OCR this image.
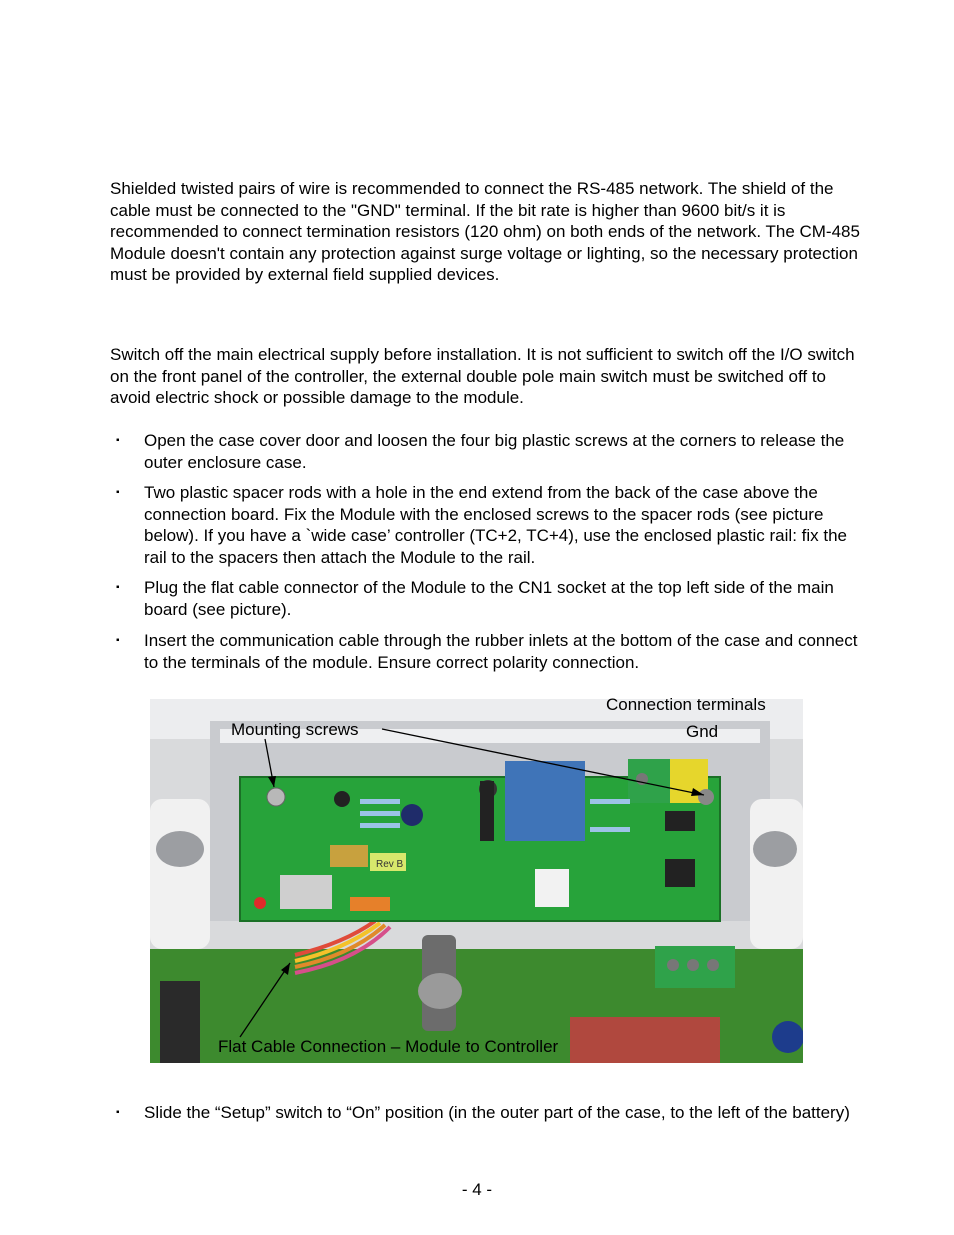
Shielded twisted pairs of wire is recommended to connect the RS-485 network. The shield of the cable must be connected to the "GND" terminal. If the bit rate is higher than 9600 bit/s it is recommended to connect termination resistors (120 ohm) on both ends of the network. The CM-485 Module doesn't contain any protection against surge voltage or lighting, so the necessary protection must be provided by external field supplied devices.

Switch off the main electrical supply before installation. It is not sufficient to switch off the I/O switch on the front panel of the controller, the external double pole main switch must be switched off to avoid electric shock or possible damage to the module.

▪ Open the case cover door and loosen the four big plastic screws at the corners to release the outer enclosure case.
▪ Two plastic spacer rods with a hole in the end extend from the back of the case above the connection board. Fix the Module with the enclosed screws to the spacer rods (see picture below). If you have a `wide case’ controller (TC+2, TC+4), use the enclosed plastic rail: fix the rail to the spacers then attach the Module to the rail.
▪ Plug the flat cable connector of the Module to the CN1 socket at the top left side of the main board (see picture).
▪ Insert the communication cable through the rubber inlets at the bottom of the case and connect to the terminals of the module. Ensure correct polarity connection.
Rev B
Connection terminals
Gnd
Mounting screws
Flat Cable Connection – Module to Controller
▪ Slide the “Setup” switch to “On” position (in the outer part of the case, to the left of the battery)
- 4 -
